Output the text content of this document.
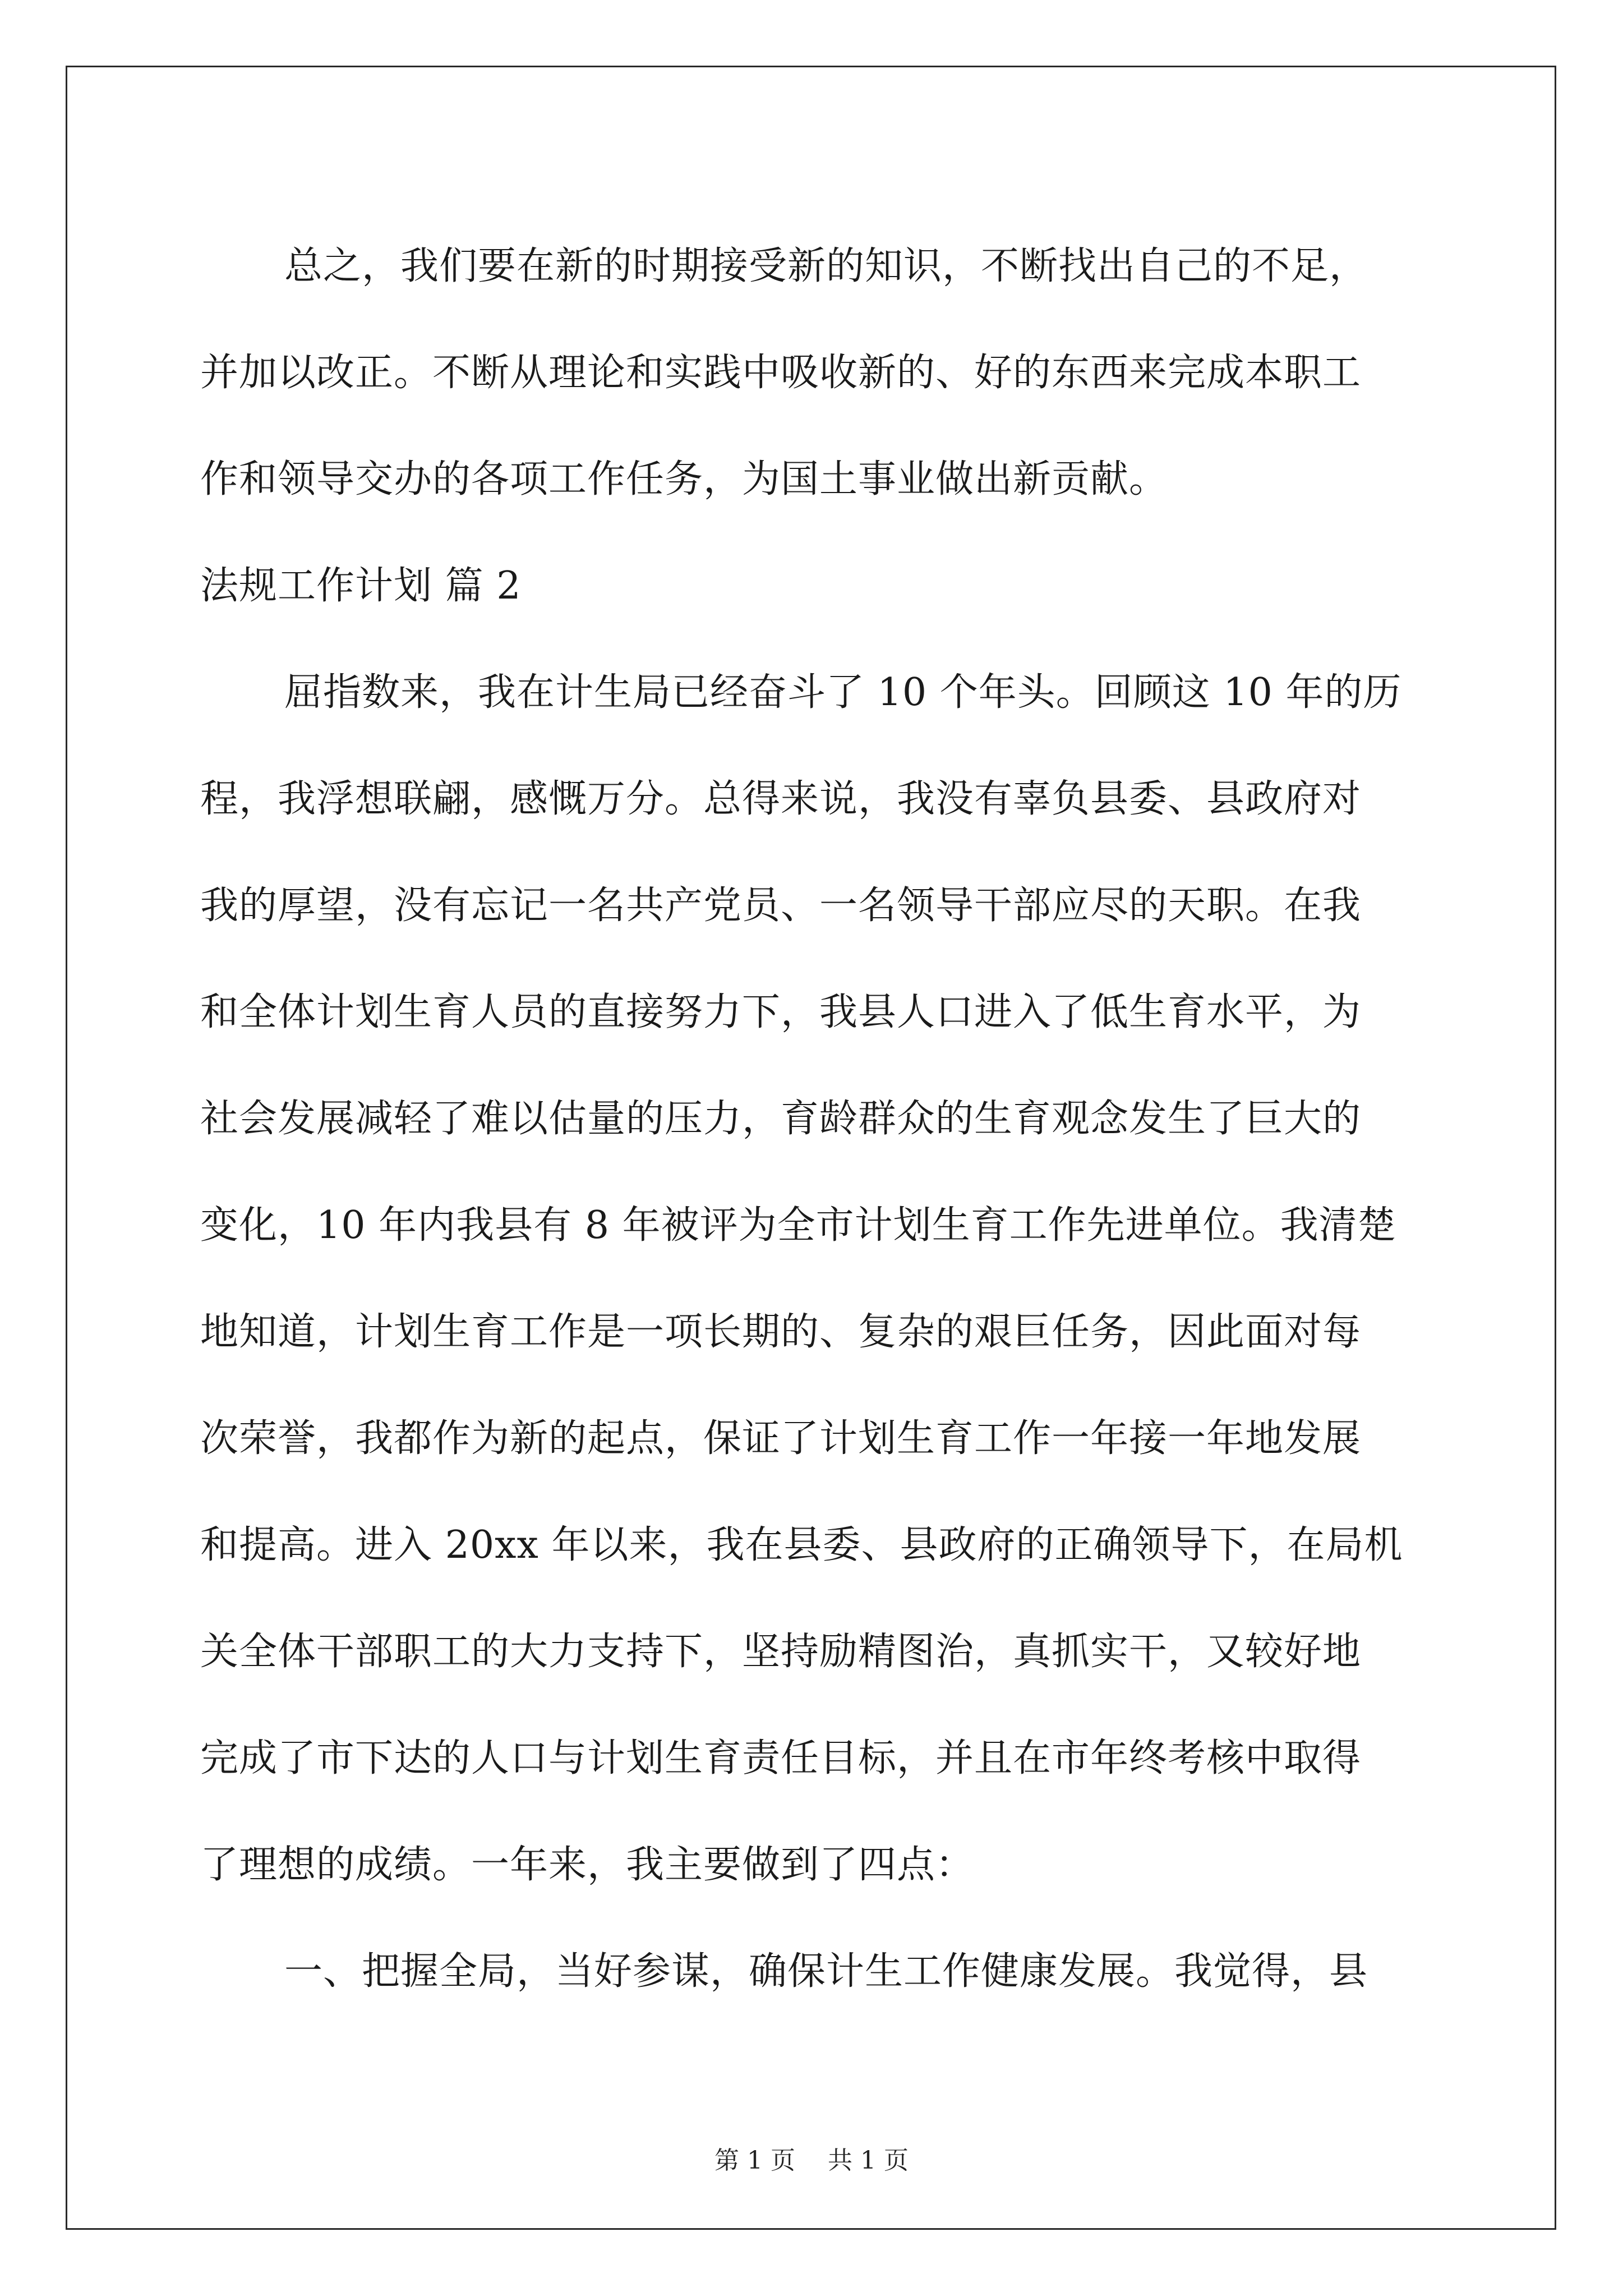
总之，我们要在新的时期接受新的知识，不断找出自己的不足，
并加以改正。不断从理论和实践中吸收新的、好的东西来完成本职工
作和领导交办的各项工作任务，为国土事业做出新贡献。
法规工作计划 篇 2
屈指数来，我在计生局已经奋斗了 10 个年头。回顾这 10 年的历
程，我浮想联翩，感慨万分。总得来说，我没有辜负县委、县政府对
我的厚望，没有忘记一名共产党员、一名领导干部应尽的天职。在我
和全体计划生育人员的直接努力下，我县人口进入了低生育水平，为
社会发展减轻了难以估量的压力，育龄群众的生育观念发生了巨大的
变化，10 年内我县有 8 年被评为全市计划生育工作先进单位。我清楚
地知道，计划生育工作是一项长期的、复杂的艰巨任务，因此面对每
次荣誉，我都作为新的起点，保证了计划生育工作一年接一年地发展
和提高。进入 20xx 年以来，我在县委、县政府的正确领导下，在局机
关全体干部职工的大力支持下，坚持励精图治，真抓实干，又较好地
完成了市下达的人口与计划生育责任目标，并且在市年终考核中取得
了理想的成绩。一年来，我主要做到了四点：
一、把握全局，当好参谋，确保计生工作健康发展。我觉得，县
第 1 页　 共 1 页
